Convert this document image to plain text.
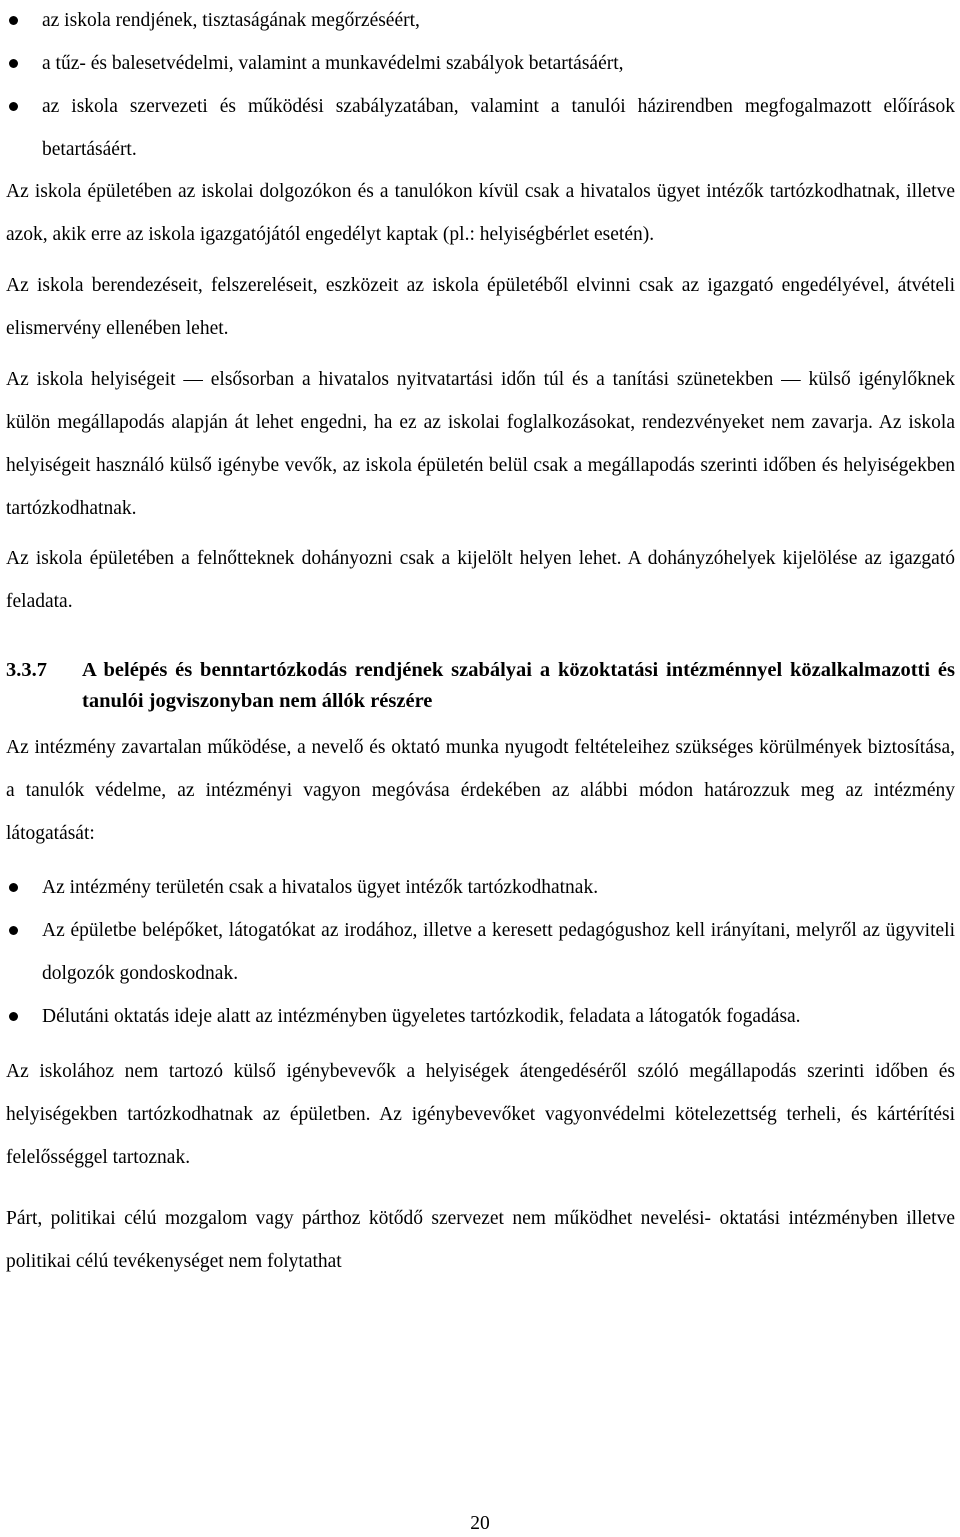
az iskola rendjének, tisztaságának megőrzéséért,
a tűz- és balesetvédelmi, valamint a munkavédelmi szabályok betartásáért,
az iskola szervezeti és működési szabályzatában, valamint a tanulói házirendben megfogalmazott előírások betartásáért.

Az iskola épületében az iskolai dolgozókon és a tanulókon kívül csak a hivatalos ügyet intézők tartózkodhatnak, illetve azok, akik erre az iskola igazgatójától engedélyt kaptak (pl.: helyiségbérlet esetén).

Az iskola berendezéseit, felszereléseit, eszközeit az iskola épületéből elvinni csak az igazgató engedélyével, átvételi elismervény ellenében lehet.

Az iskola helyiségeit ― elsősorban a hivatalos nyitvatartási időn túl és a tanítási szünetekben ― külső igénylőknek külön megállapodás alapján át lehet engedni, ha ez az iskolai foglalkozásokat, rendezvényeket nem zavarja. Az iskola helyiségeit használó külső igénybe vevők, az iskola épületén belül csak a megállapodás szerinti időben és helyiségekben tartózkodhatnak.

Az iskola épületében a felnőtteknek dohányozni csak a kijelölt helyen lehet. A dohányzóhelyek kijelölése az igazgató feladata.

3.3.7	A belépés és benntartózkodás rendjének szabályai a közoktatási intézménnyel közalkalmazotti és tanulói jogviszonyban nem állók részére

Az intézmény zavartalan működése, a nevelő és oktató munka nyugodt feltételeihez szükséges körülmények biztosítása, a tanulók védelme, az intézményi vagyon megóvása érdekében az alábbi módon határozzuk meg az intézmény látogatását:

Az intézmény területén csak a hivatalos ügyet intézők tartózkodhatnak.
Az épületbe belépőket, látogatókat az irodához, illetve a keresett pedagógushoz kell irányítani, melyről az ügyviteli dolgozók gondoskodnak.
Délutáni oktatás ideje alatt az intézményben ügyeletes tartózkodik, feladata a látogatók fogadása.

Az iskolához nem tartozó külső igénybevevők a helyiségek átengedéséről szóló megállapodás szerinti időben és helyiségekben tartózkodhatnak az épületben. Az igénybevevőket vagyonvédelmi kötelezettség terheli, és kártérítési felelősséggel tartoznak.

Párt, politikai célú mozgalom vagy párthoz kötődő szervezet nem működhet nevelési- oktatási intézményben illetve politikai célú tevékenységet nem folytathat

20
